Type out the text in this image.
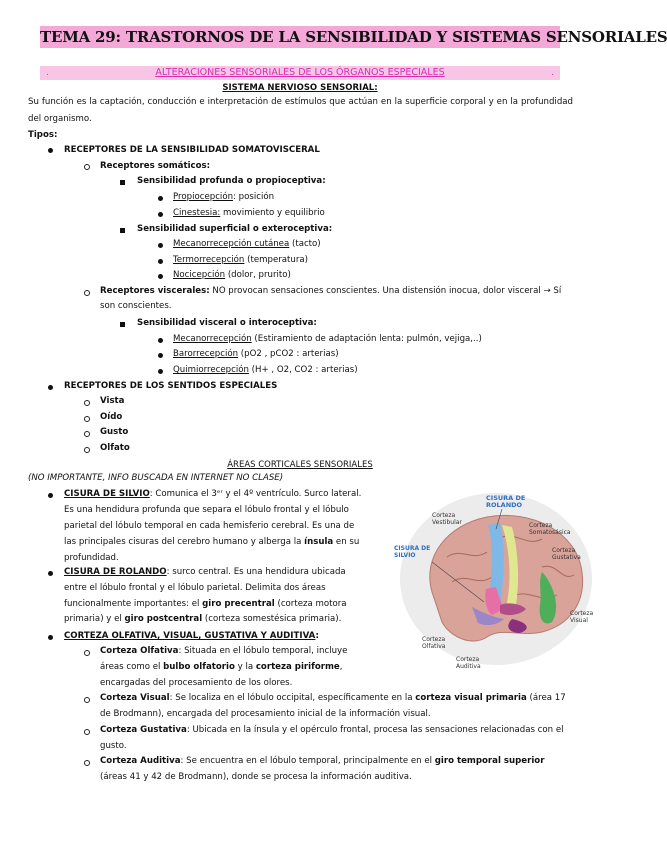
TEMA 29: TRASTORNOS DE LA SENSIBILIDAD Y SISTEMAS SENSORIALES
.	ALTERACIONES SENSORIALES DE LOS ÓRGANOS ESPECIALES	.
SISTEMA NERVIOSO SENSORIAL:
Su función es la captación, conducción e interpretación de estímulos que actúan en la superficie corporal y en la profundidad del organismo.
Tipos:
RECEPTORES DE LA SENSIBILIDAD SOMATOVISCERAL
Receptores somáticos:
Sensibilidad profunda o propioceptiva:
Propiocepción: posición
Cinestesia: movimiento y equilibrio
Sensibilidad superficial o exteroceptiva:
Mecanorrecepción cutánea (tacto)
Termorrecepción (temperatura)
Nocicepción (dolor, prurito)
Receptores viscerales: NO provocan sensaciones conscientes. Una distensión inocua, dolor visceral → Sí
son conscientes.
Sensibilidad visceral o interoceptiva:
Mecanorrecepción (Estiramiento de adaptación lenta: pulmón, vejiga,..)
Barorrecepción (pO2 , pCO2 : arterias)
Quimiorrecepción (H+ , O2, CO2 : arterias)
RECEPTORES DE LOS SENTIDOS ESPECIALES
Vista
Oído
Gusto
Olfato
ÁREAS CORTICALES SENSORIALES
(NO IMPORTANTE, INFO BUSCADA EN INTERNET NO CLASE)
CISURA DE SILVIO: Comunica el 3ᵉʳ y el 4º ventrículo. Surco lateral.
Es una hendidura profunda que separa el lóbulo frontal y el lóbulo
parietal del lóbulo temporal en cada hemisferio cerebral. Es una de
las principales cisuras del cerebro humano y alberga la ínsula en su
profundidad.
CISURA DE ROLANDO: surco central. Es una hendidura ubicada
entre el lóbulo frontal y el lóbulo parietal. Delimita dos áreas
funcionalmente importantes: el giro precentral (corteza motora
primaria) y el giro postcentral (corteza somestésica primaria).
CORTEZA OLFATIVA, VISUAL, GUSTATIVA Y AUDITIVA:
Corteza Olfativa: Situada en el lóbulo temporal, incluye
áreas como el bulbo olfatorio y la corteza piriforme,
encargadas del procesamiento de los olores.
Corteza Visual: Se localiza en el lóbulo occipital, específicamente en la corteza visual primaria (área 17
de Brodmann), encargada del procesamiento inicial de la información visual.
Corteza Gustativa: Ubicada en la ínsula y el opérculo frontal, procesa las sensaciones relacionadas con el
gusto.
Corteza Auditiva: Se encuentra en el lóbulo temporal, principalmente en el giro temporal superior
(áreas 41 y 42 de Brodmann), donde se procesa la información auditiva.
CISURA DE ROLANDO
Corteza Vestibular	Corteza Somatosásica
Corteza Gustativa
CISURA DE SILVIO
Corteza Visual
Corteza Olfativa
Corteza Auditiva
